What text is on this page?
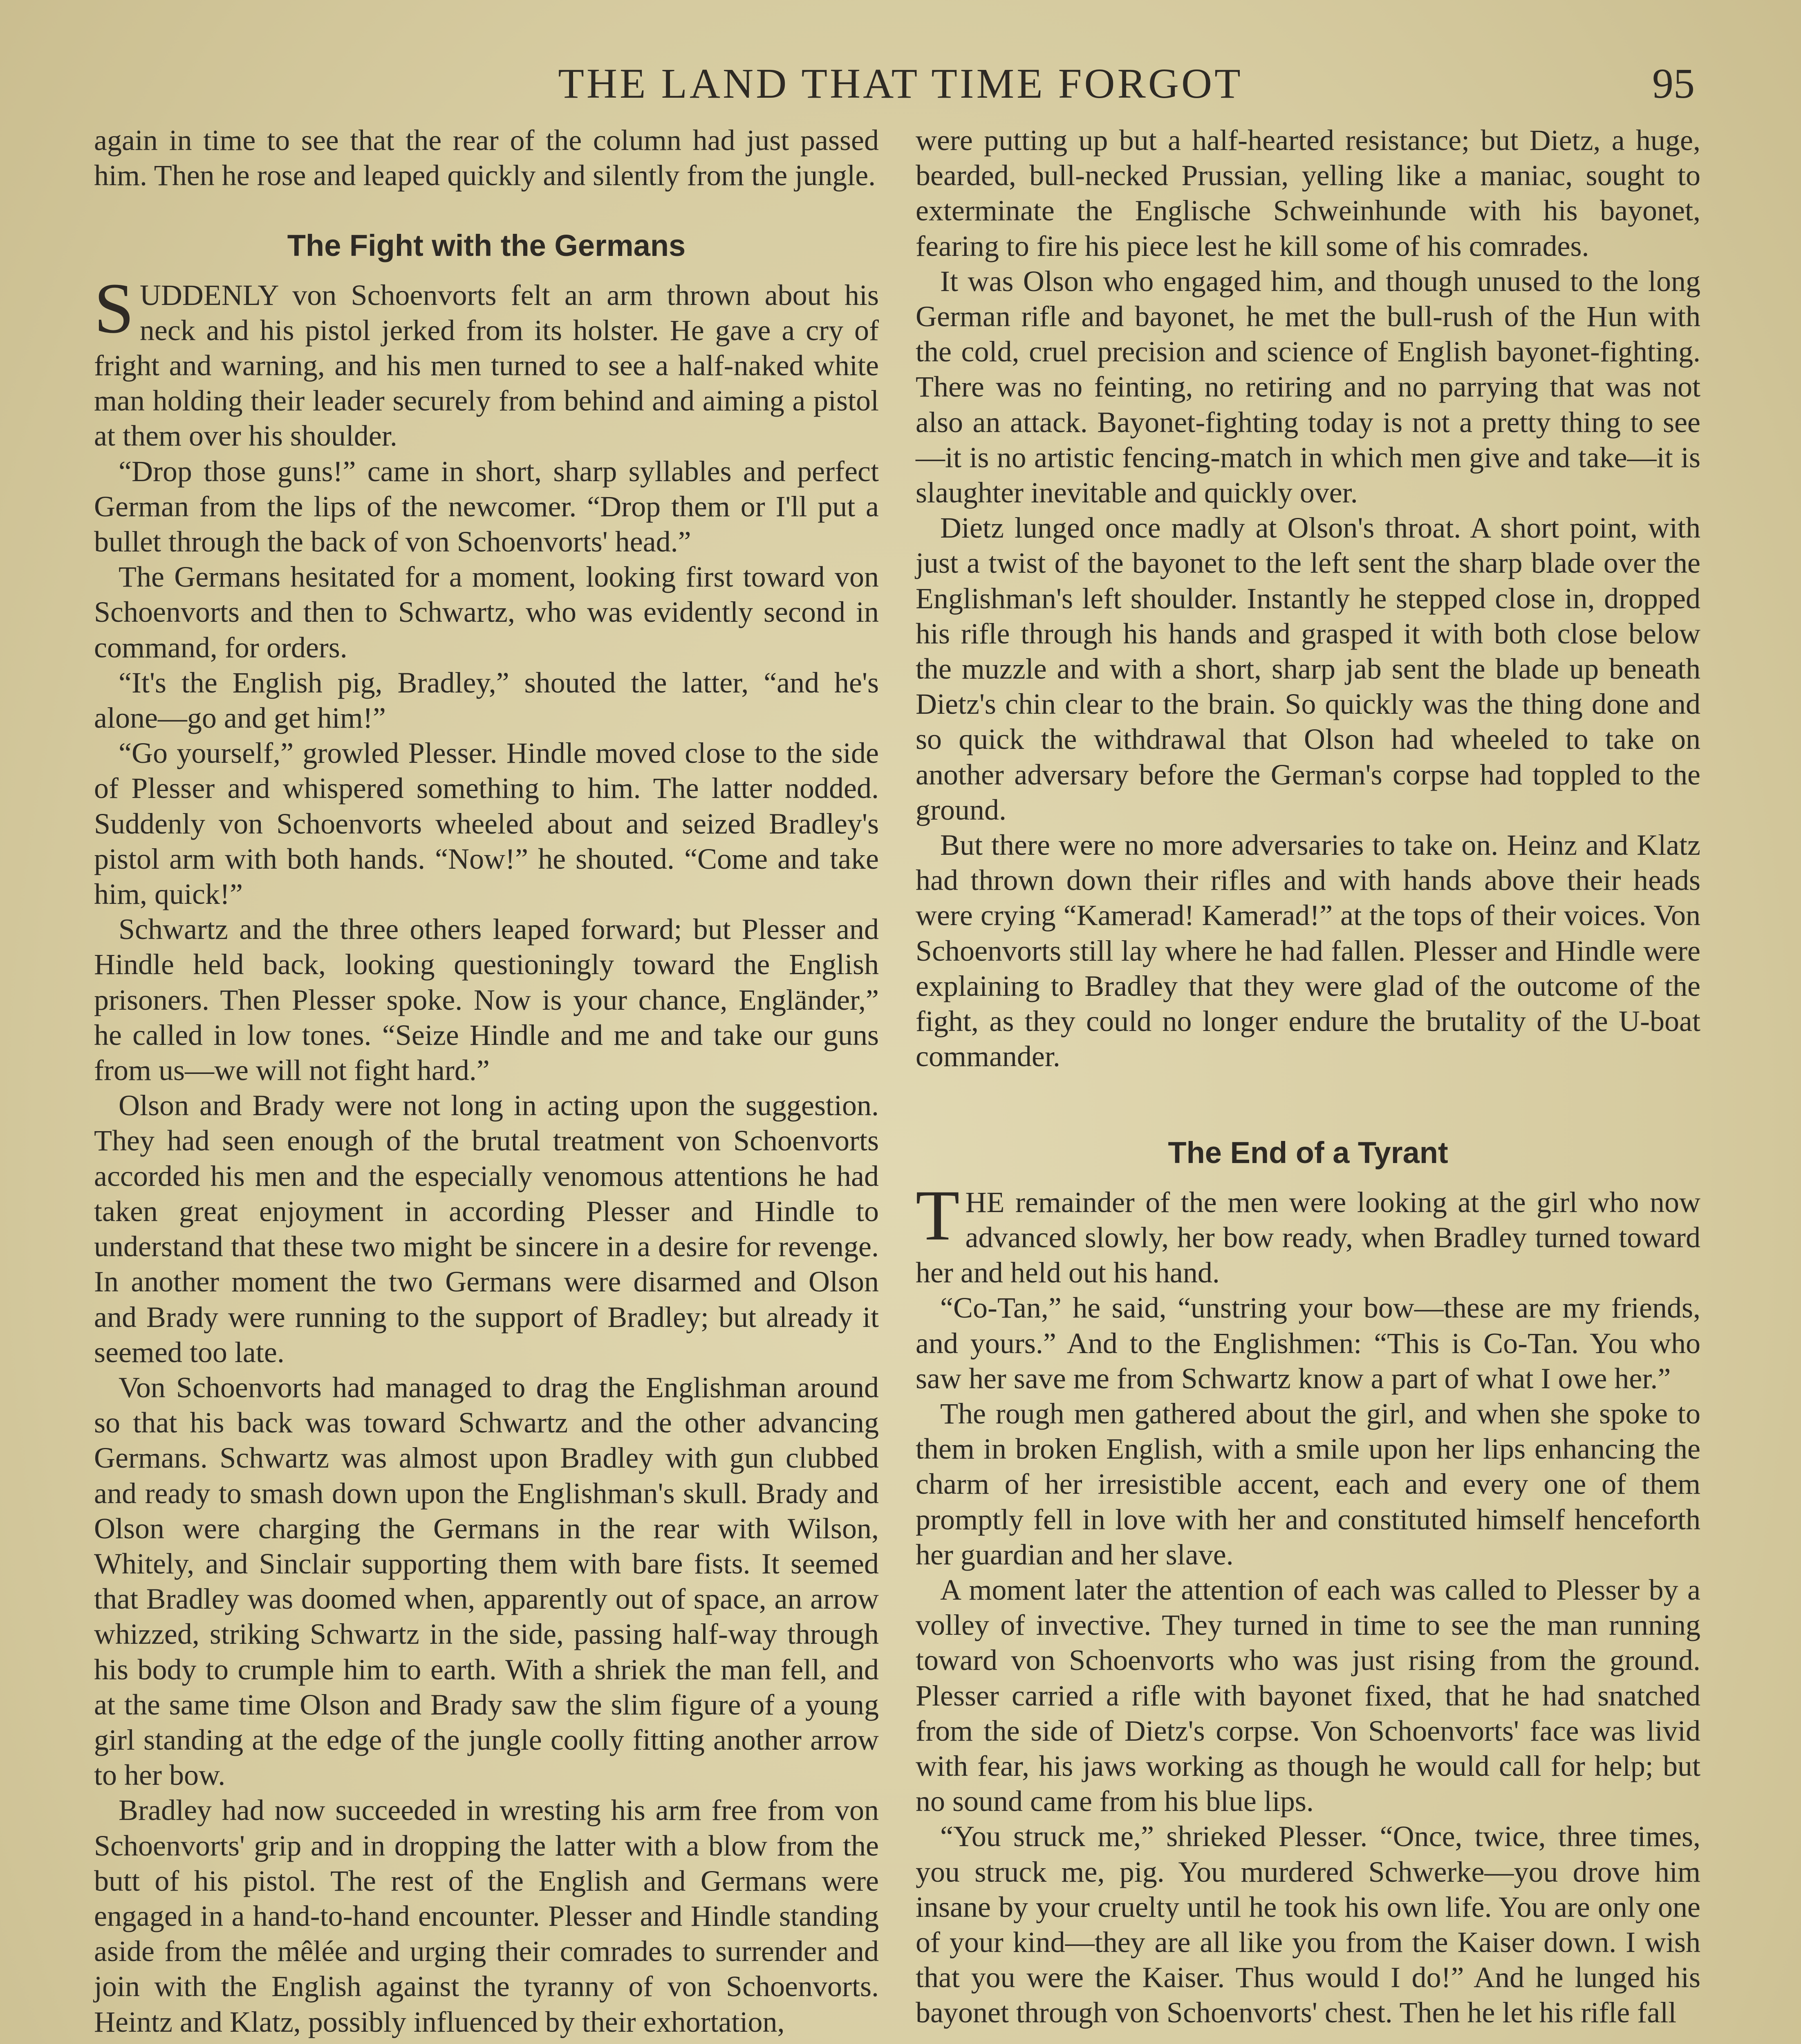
THE LAND THAT TIME FORGOT	95

again in time to see that the rear of the column had just passed him. Then he rose and leaped quickly and silently from the jungle.

The Fight with the Germans

SUDDENLY von Schoenvorts felt an arm thrown about his neck and his pistol jerked from its holster. He gave a cry of fright and warning, and his men turned to see a half-naked white man holding their leader securely from behind and aiming a pistol at them over his shoulder.

“Drop those guns!” came in short, sharp syllables and perfect German from the lips of the newcomer. “Drop them or I'll put a bullet through the back of von Schoenvorts' head.”

The Germans hesitated for a moment, looking first toward von Schoenvorts and then to Schwartz, who was evidently second in command, for orders.

“It's the English pig, Bradley,” shouted the latter, “and he's alone—go and get him!”

“Go yourself,” growled Plesser. Hindle moved close to the side of Plesser and whispered something to him. The latter nodded. Suddenly von Schoenvorts wheeled about and seized Bradley's pistol arm with both hands. “Now!” he shouted. “Come and take him, quick!”

Schwartz and the three others leaped forward; but Plesser and Hindle held back, looking questioningly toward the English prisoners. Then Plesser spoke. Now is your chance, Engländer,” he called in low tones. “Seize Hindle and me and take our guns from us—we will not fight hard.”

Olson and Brady were not long in acting upon the suggestion. They had seen enough of the brutal treatment von Schoenvorts accorded his men and the especially venomous attentions he had taken great enjoyment in according Plesser and Hindle to understand that these two might be sincere in a desire for revenge. In another moment the two Germans were disarmed and Olson and Brady were running to the support of Bradley; but already it seemed too late.

Von Schoenvorts had managed to drag the Englishman around so that his back was toward Schwartz and the other advancing Germans. Schwartz was almost upon Bradley with gun clubbed and ready to smash down upon the Englishman's skull. Brady and Olson were charging the Germans in the rear with Wilson, Whitely, and Sinclair supporting them with bare fists. It seemed that Bradley was doomed when, apparently out of space, an arrow whizzed, striking Schwartz in the side, passing half-way through his body to crumple him to earth. With a shriek the man fell, and at the same time Olson and Brady saw the slim figure of a young girl standing at the edge of the jungle coolly fitting another arrow to her bow.

Bradley had now succeeded in wresting his arm free from von Schoenvorts' grip and in dropping the latter with a blow from the butt of his pistol. The rest of the English and Germans were engaged in a hand-to-hand encounter. Plesser and Hindle standing aside from the mêlée and urging their comrades to surrender and join with the English against the tyranny of von Schoenvorts. Heintz and Klatz, possibly influenced by their exhortation,

were putting up but a half-hearted resistance; but Dietz, a huge, bearded, bull-necked Prussian, yelling like a maniac, sought to exterminate the Englische Schweinhunde with his bayonet, fearing to fire his piece lest he kill some of his comrades.

It was Olson who engaged him, and though unused to the long German rifle and bayonet, he met the bull-rush of the Hun with the cold, cruel precision and science of English bayonet-fighting. There was no feinting, no retiring and no parrying that was not also an attack. Bayonet-fighting today is not a pretty thing to see—it is no artistic fencing-match in which men give and take—it is slaughter inevitable and quickly over.

Dietz lunged once madly at Olson's throat. A short point, with just a twist of the bayonet to the left sent the sharp blade over the Englishman's left shoulder. Instantly he stepped close in, dropped his rifle through his hands and grasped it with both close below the muzzle and with a short, sharp jab sent the blade up beneath Dietz's chin clear to the brain. So quickly was the thing done and so quick the withdrawal that Olson had wheeled to take on another adversary before the German's corpse had toppled to the ground.

But there were no more adversaries to take on. Heinz and Klatz had thrown down their rifles and with hands above their heads were crying “Kamerad! Kamerad!” at the tops of their voices. Von Schoenvorts still lay where he had fallen. Plesser and Hindle were explaining to Bradley that they were glad of the outcome of the fight, as they could no longer endure the brutality of the U-boat commander.

The End of a Tyrant

THE remainder of the men were looking at the girl who now advanced slowly, her bow ready, when Bradley turned toward her and held out his hand.

“Co-Tan,” he said, “unstring your bow—these are my friends, and yours.” And to the Englishmen: “This is Co-Tan. You who saw her save me from Schwartz know a part of what I owe her.”

The rough men gathered about the girl, and when she spoke to them in broken English, with a smile upon her lips enhancing the charm of her irresistible accent, each and every one of them promptly fell in love with her and constituted himself henceforth her guardian and her slave.

A moment later the attention of each was called to Plesser by a volley of invective. They turned in time to see the man running toward von Schoenvorts who was just rising from the ground. Plesser carried a rifle with bayonet fixed, that he had snatched from the side of Dietz's corpse. Von Schoenvorts' face was livid with fear, his jaws working as though he would call for help; but no sound came from his blue lips.

“You struck me,” shrieked Plesser. “Once, twice, three times, you struck me, pig. You murdered Schwerke—you drove him insane by your cruelty until he took his own life. You are only one of your kind—they are all like you from the Kaiser down. I wish that you were the Kaiser. Thus would I do!” And he lunged his bayonet through von Schoenvorts' chest. Then he let his rifle fall
